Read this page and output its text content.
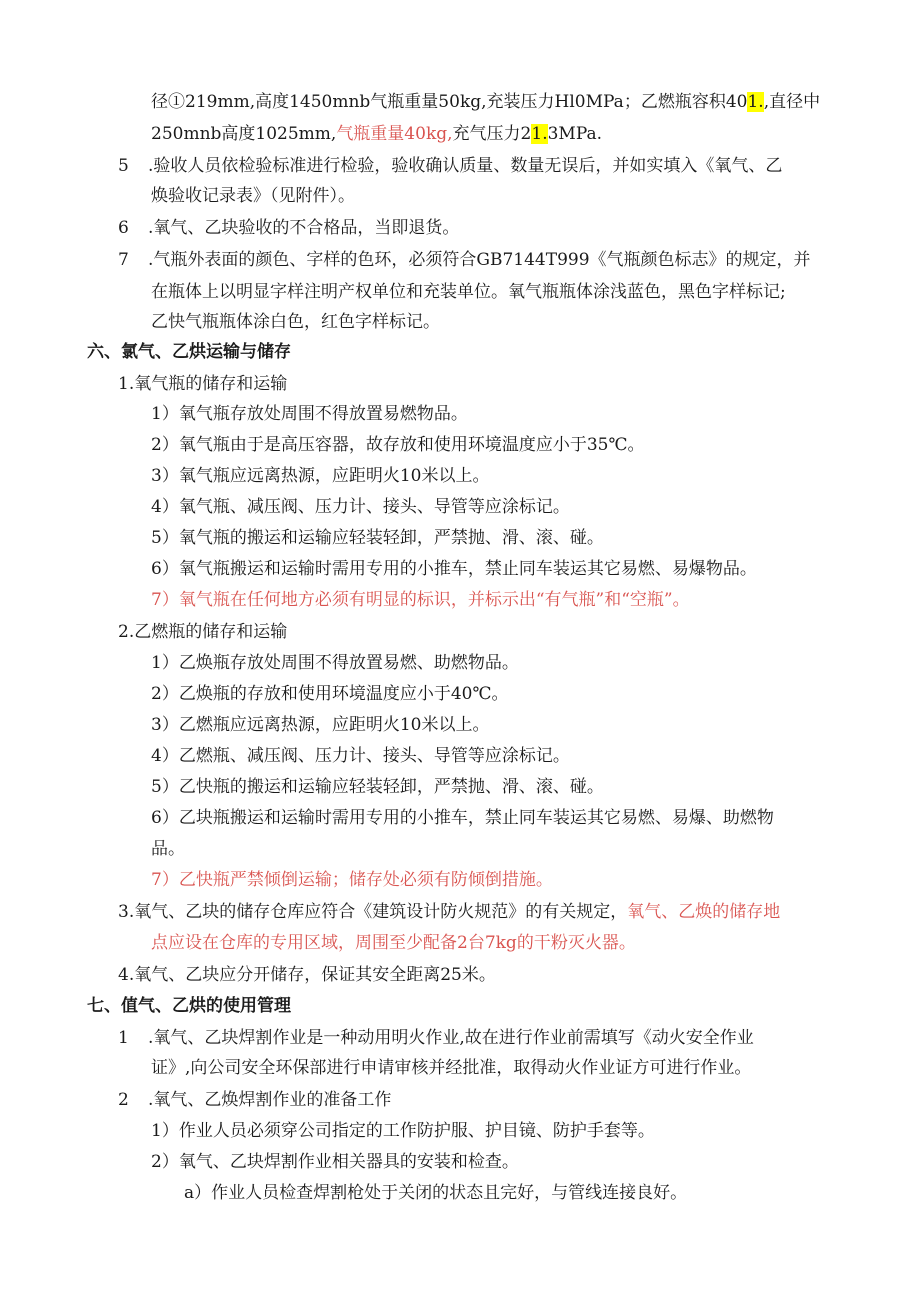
径①219mm,高度1450mnb气瓶重量50kg,充装压力Hl0MPa；乙燃瓶容积401.,直径中
250mnb高度1025mm,气瓶重量40kg,充气压力21.3MPa.
5 .验收人员依检验标准进行检验，验收确认质量、数量无误后，并如实填入《氧气、乙
焕验收记录表》（见附件）。
6 .氧气、乙块验收的不合格品，当即退货。
7 .气瓶外表面的颜色、字样的色环，必须符合GB7144T999《气瓶颜色标志》的规定，并
在瓶体上以明显字样注明产权单位和充装单位。氧气瓶瓶体涂浅蓝色，黑色字样标记;
乙快气瓶瓶体涂白色，红色字样标记。
六、氯气、乙烘运输与储存
1.氧气瓶的储存和运输
1）氧气瓶存放处周围不得放置易燃物品。
2）氧气瓶由于是高压容器，故存放和使用环境温度应小于35℃。
3）氧气瓶应远离热源，应距明火10米以上。
4）氧气瓶、减压阀、压力计、接头、导管等应涂标记。
5）氧气瓶的搬运和运输应轻装轻卸，严禁抛、滑、滚、碰。
6）氧气瓶搬运和运输时需用专用的小推车，禁止同车装运其它易燃、易爆物品。
7）氧气瓶在任何地方必须有明显的标识，并标示出“有气瓶”和“空瓶”。
2.乙燃瓶的储存和运输
1）乙焕瓶存放处周围不得放置易燃、助燃物品。
2）乙焕瓶的存放和使用环境温度应小于40℃。
3）乙燃瓶应远离热源，应距明火10米以上。
4）乙燃瓶、减压阀、压力计、接头、导管等应涂标记。
5）乙快瓶的搬运和运输应轻装轻卸，严禁抛、滑、滚、碰。
6）乙块瓶搬运和运输时需用专用的小推车，禁止同车装运其它易燃、易爆、助燃物
品。
7）乙快瓶严禁倾倒运输；储存处必须有防倾倒措施。
3.氧气、乙块的储存仓库应符合《建筑设计防火规范》的有关规定，氧气、乙焕的储存地
点应设在仓库的专用区域，周围至少配备2台7kg的干粉灭火器。
4.氧气、乙块应分开储存，保证其安全距离25米。
七、值气、乙烘的使用管理
1 .氧气、乙块焊割作业是一种动用明火作业,故在进行作业前需填写《动火安全作业
证》,向公司安全环保部进行申请审核并经批准，取得动火作业证方可进行作业。
2 .氧气、乙焕焊割作业的准备工作
1）作业人员必须穿公司指定的工作防护服、护目镜、防护手套等。
2）氧气、乙块焊割作业相关器具的安装和检查。
a）作业人员检查焊割枪处于关闭的状态且完好，与管线连接良好。
